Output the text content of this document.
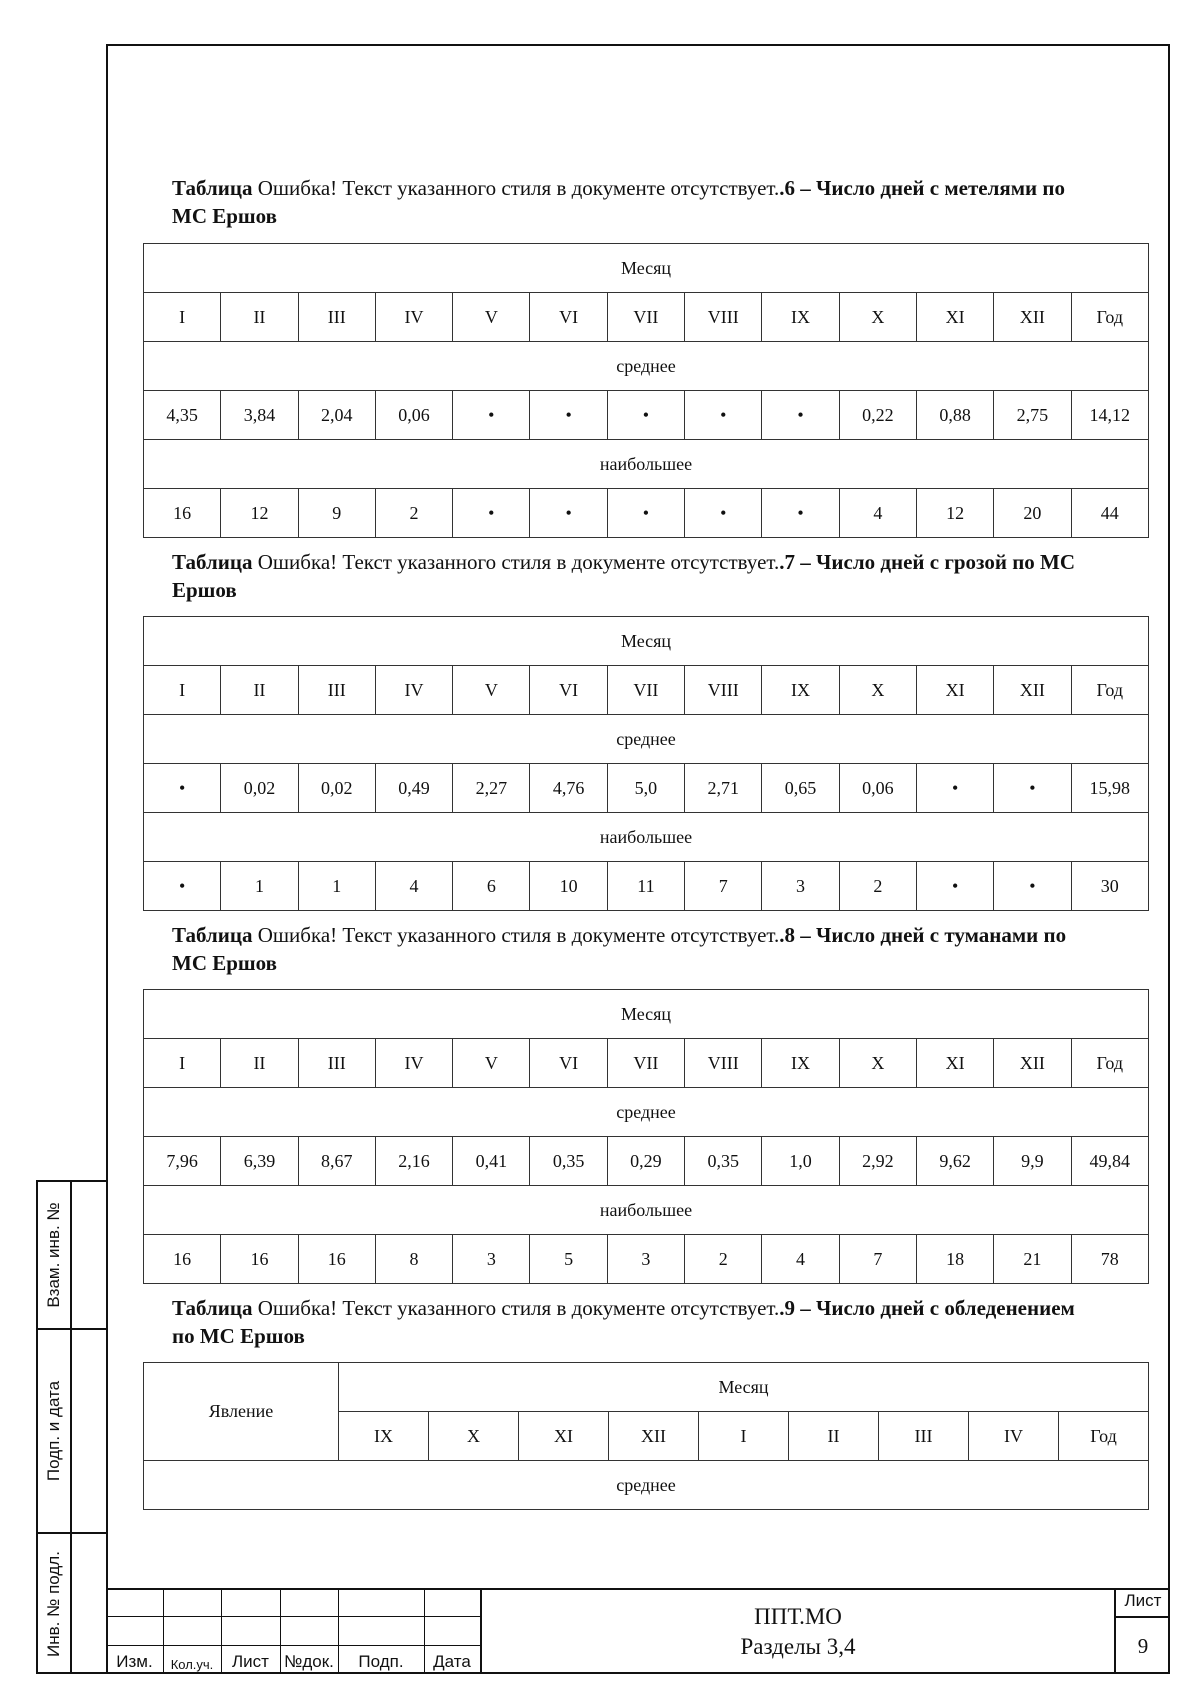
Таблица Ошибка! Текст указанного стиля в документе отсутствует..6 – Число дней с метелями по МС Ершов

Месяц												
I	II	III	IV	V	VI	VII	VIII	IX	X	XI	XII	Год
среднее												
4,35	3,84	2,04	0,06	•	•	•	•	•	0,22	0,88	2,75	14,12
наибольшее												
16	12	9	2	•	•	•	•	•	4	12	20	44

Таблица Ошибка! Текст указанного стиля в документе отсутствует..7 – Число дней с грозой по МС Ершов

Месяц												
I	II	III	IV	V	VI	VII	VIII	IX	X	XI	XII	Год
среднее												
•	0,02	0,02	0,49	2,27	4,76	5,0	2,71	0,65	0,06	•	•	15,98
наибольшее												
•	1	1	4	6	10	11	7	3	2	•	•	30

Таблица Ошибка! Текст указанного стиля в документе отсутствует..8 – Число дней с туманами по МС Ершов

Месяц												
I	II	III	IV	V	VI	VII	VIII	IX	X	XI	XII	Год
среднее												
7,96	6,39	8,67	2,16	0,41	0,35	0,29	0,35	1,0	2,92	9,62	9,9	49,84
наибольшее												
16	16	16	8	3	5	3	2	4	7	18	21	78

Таблица Ошибка! Текст указанного стиля в документе отсутствует..9 – Число дней с обледенением по МС Ершов

Явление	Месяц								
	IX	X	XI	XII	I	II	III	IV	Год
среднее									
Взам. инв. №
Подп. и дата
Инв. № подл.
Изм.	Кол.уч.	Лист №док.	Подп.	Дата
ППТ.МО
Разделы 3,4
Лист
9
